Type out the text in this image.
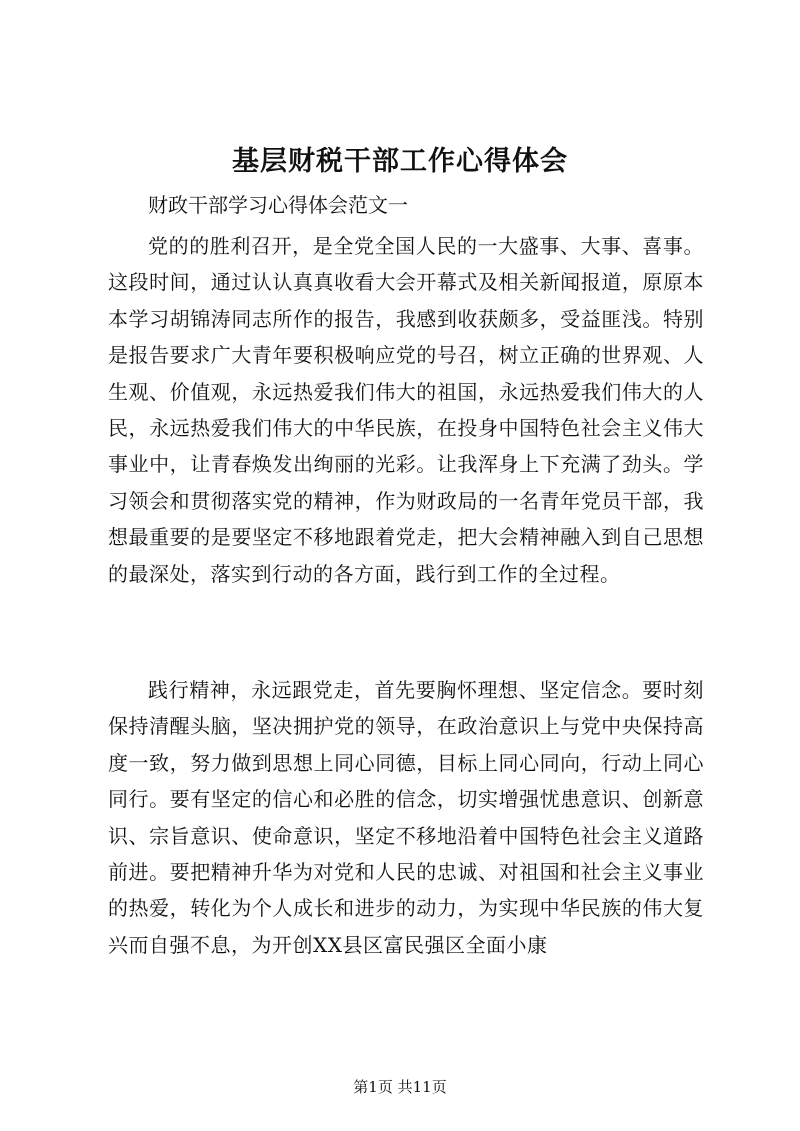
基层财税干部工作心得体会
财政干部学习心得体会范文一

党的的胜利召开，是全党全国人民的一大盛事、大事、喜事。这段时间，通过认认真真收看大会开幕式及相关新闻报道，原原本本学习胡锦涛同志所作的报告，我感到收获颇多，受益匪浅。特别是报告要求广大青年要积极响应党的号召，树立正确的世界观、人生观、价值观，永远热爱我们伟大的祖国，永远热爱我们伟大的人民，永远热爱我们伟大的中华民族，在投身中国特色社会主义伟大事业中，让青春焕发出绚丽的光彩。让我浑身上下充满了劲头。学习领会和贯彻落实党的精神，作为财政局的一名青年党员干部，我想最重要的是要坚定不移地跟着党走，把大会精神融入到自己思想的最深处，落实到行动的各方面，践行到工作的全过程。

践行精神，永远跟党走，首先要胸怀理想、坚定信念。要时刻保持清醒头脑，坚决拥护党的领导，在政治意识上与党中央保持高度一致，努力做到思想上同心同德，目标上同心同向，行动上同心同行。要有坚定的信心和必胜的信念，切实增强忧患意识、创新意识、宗旨意识、使命意识，坚定不移地沿着中国特色社会主义道路前进。要把精神升华为对党和人民的忠诚、对祖国和社会主义事业的热爱，转化为个人成长和进步的动力，为实现中华民族的伟大复兴而自强不息，为开创XX县区富民强区全面小康

第1页 共11页
